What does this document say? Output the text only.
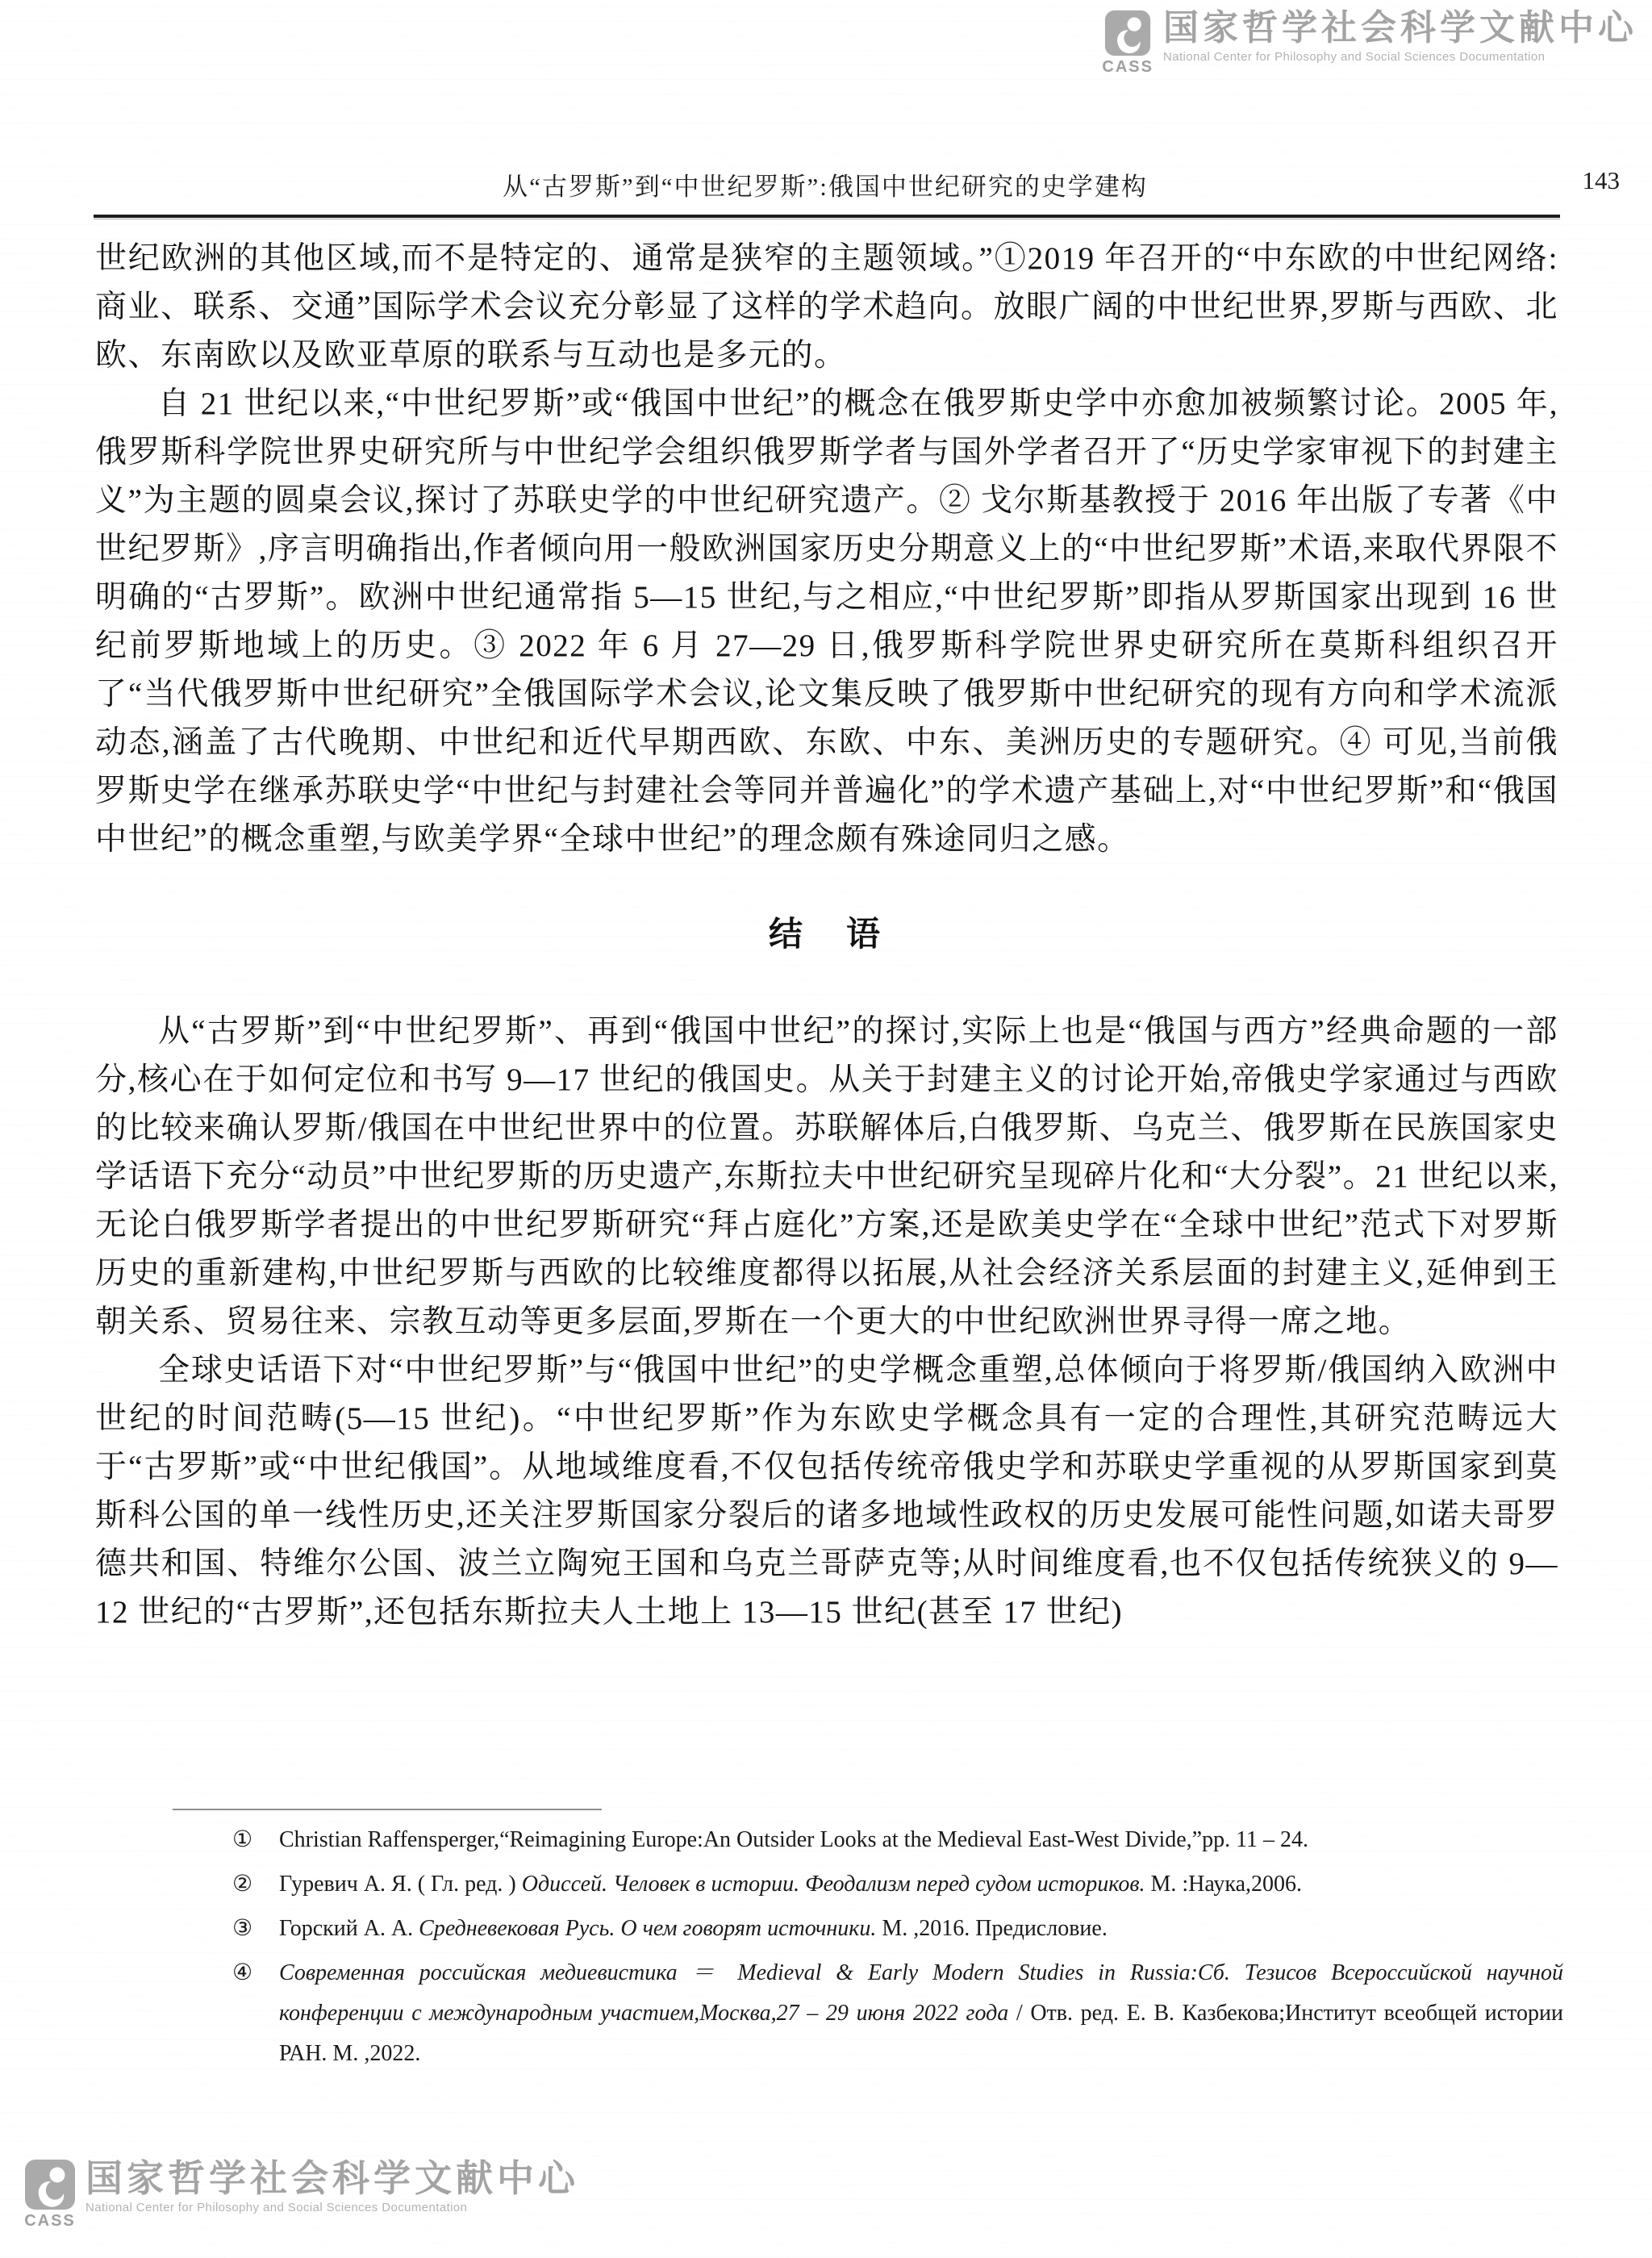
CASS
国家哲学社会科学文献中心
National Center for Philosophy and Social Sciences Documentation
从“古罗斯”到“中世纪罗斯”:俄国中世纪研究的史学建构	143

世纪欧洲的其他区域,而不是特定的、通常是狭窄的主题领域。”①2019 年召开的“中东欧的中世纪网络:商业、联系、交通”国际学术会议充分彰显了这样的学术趋向。放眼广阔的中世纪世界,罗斯与西欧、北欧、东南欧以及欧亚草原的联系与互动也是多元的。

自 21 世纪以来,“中世纪罗斯”或“俄国中世纪”的概念在俄罗斯史学中亦愈加被频繁讨论。2005 年,俄罗斯科学院世界史研究所与中世纪学会组织俄罗斯学者与国外学者召开了“历史学家审视下的封建主义”为主题的圆桌会议,探讨了苏联史学的中世纪研究遗产。② 戈尔斯基教授于 2016 年出版了专著《中世纪罗斯》,序言明确指出,作者倾向用一般欧洲国家历史分期意义上的“中世纪罗斯”术语,来取代界限不明确的“古罗斯”。欧洲中世纪通常指 5—15 世纪,与之相应,“中世纪罗斯”即指从罗斯国家出现到 16 世纪前罗斯地域上的历史。③ 2022 年 6 月 27—29 日,俄罗斯科学院世界史研究所在莫斯科组织召开了“当代俄罗斯中世纪研究”全俄国际学术会议,论文集反映了俄罗斯中世纪研究的现有方向和学术流派动态,涵盖了古代晚期、中世纪和近代早期西欧、东欧、中东、美洲历史的专题研究。④ 可见,当前俄罗斯史学在继承苏联史学“中世纪与封建社会等同并普遍化”的学术遗产基础上,对“中世纪罗斯”和“俄国中世纪”的概念重塑,与欧美学界“全球中世纪”的理念颇有殊途同归之感。

结　语

从“古罗斯”到“中世纪罗斯”、再到“俄国中世纪”的探讨,实际上也是“俄国与西方”经典命题的一部分,核心在于如何定位和书写 9—17 世纪的俄国史。从关于封建主义的讨论开始,帝俄史学家通过与西欧的比较来确认罗斯/俄国在中世纪世界中的位置。苏联解体后,白俄罗斯、乌克兰、俄罗斯在民族国家史学话语下充分“动员”中世纪罗斯的历史遗产,东斯拉夫中世纪研究呈现碎片化和“大分裂”。21 世纪以来,无论白俄罗斯学者提出的中世纪罗斯研究“拜占庭化”方案,还是欧美史学在“全球中世纪”范式下对罗斯历史的重新建构,中世纪罗斯与西欧的比较维度都得以拓展,从社会经济关系层面的封建主义,延伸到王朝关系、贸易往来、宗教互动等更多层面,罗斯在一个更大的中世纪欧洲世界寻得一席之地。

全球史话语下对“中世纪罗斯”与“俄国中世纪”的史学概念重塑,总体倾向于将罗斯/俄国纳入欧洲中世纪的时间范畴(5—15 世纪)。“中世纪罗斯”作为东欧史学概念具有一定的合理性,其研究范畴远大于“古罗斯”或“中世纪俄国”。从地域维度看,不仅包括传统帝俄史学和苏联史学重视的从罗斯国家到莫斯科公国的单一线性历史,还关注罗斯国家分裂后的诸多地域性政权的历史发展可能性问题,如诺夫哥罗德共和国、特维尔公国、波兰立陶宛王国和乌克兰哥萨克等;从时间维度看,也不仅包括传统狭义的 9—12 世纪的“古罗斯”,还包括东斯拉夫人土地上 13—15 世纪(甚至 17 世纪)

① Christian Raffensperger,“Reimagining Europe:An Outsider Looks at the Medieval East-West Divide,”pp. 11 – 24.
② Гуревич А. Я. ( Гл. ред. ) Одиссей. Человек в истории. Феодализм перед судом историков. М. :Наука,2006.
③ Горский А. А. Средневековая Русь. О чем говорят источники. М. ,2016. Предисловие.
④ Современная российская медиевистика ＝ Medieval & Early Modern Studies in Russia:Сб. Тезисов Всероссийской научной конференции с международным участием,Москва,27 – 29 июня 2022 года / Отв. ред. Е. В. Казбекова;Институт всеобщей истории РАН. М. ,2022.
CASS
国家哲学社会科学文献中心
National Center for Philosophy and Social Sciences Documentation
